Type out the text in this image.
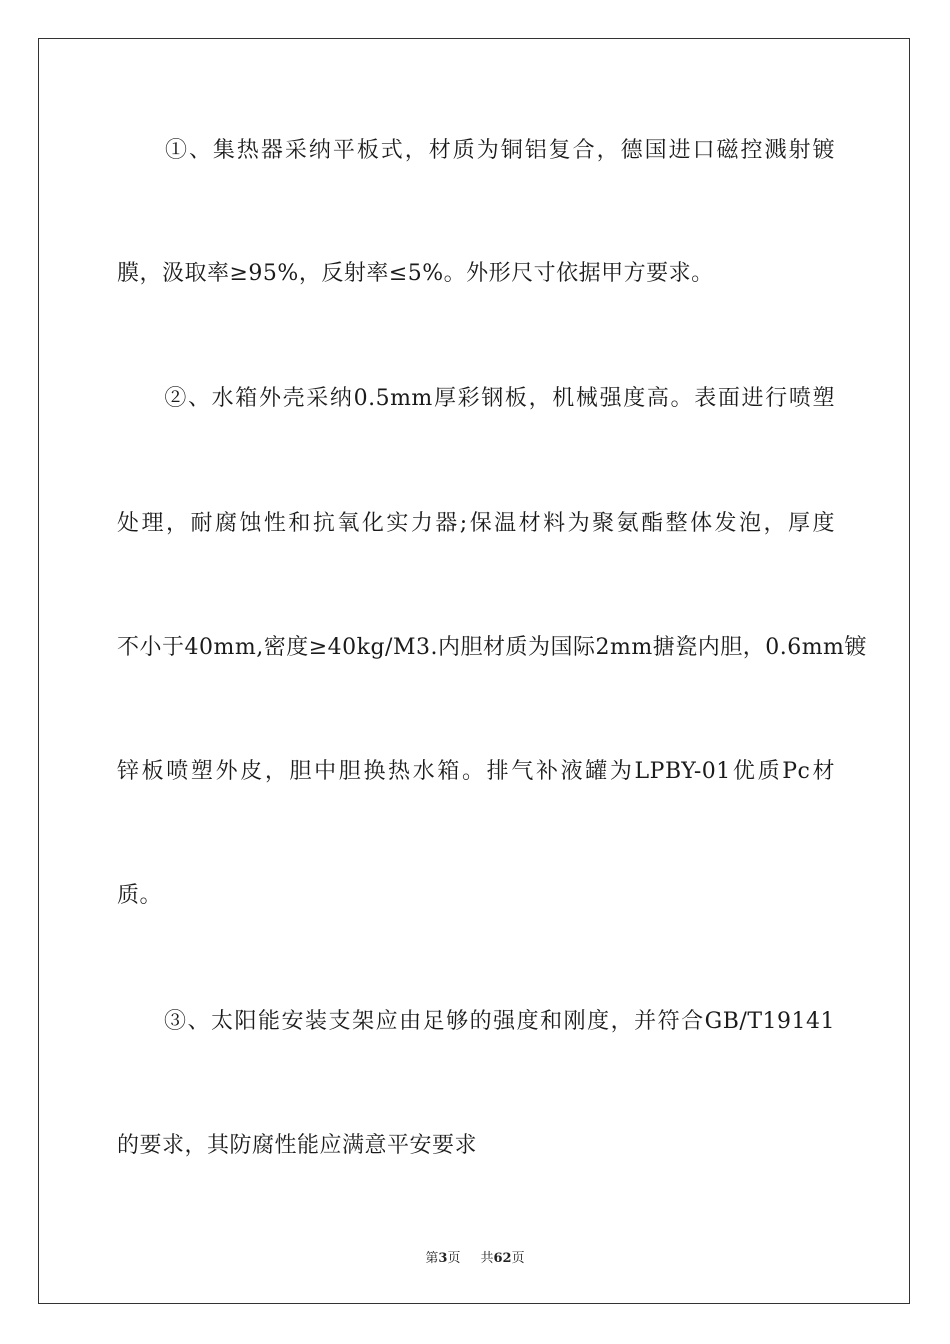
　　①、集热器采纳平板式，材质为铜铝复合，德国进口磁控溅射镀
膜，汲取率≥95%，反射率≤5%。外形尺寸依据甲方要求。
　　②、水箱外壳采纳0.5mm厚彩钢板，机械强度高。表面进行喷塑
处理，耐腐蚀性和抗氧化实力器;保温材料为聚氨酯整体发泡，厚度
不小于40mm,密度≥40kg/M3.内胆材质为国际2mm搪瓷内胆，0.6mm镀
锌板喷塑外皮，胆中胆换热水箱。排气补液罐为LPBY-01优质Pc材
质。
　　③、太阳能安装支架应由足够的强度和刚度，并符合GB/T19141
的要求，其防腐性能应满意平安要求
第3页 共62页
